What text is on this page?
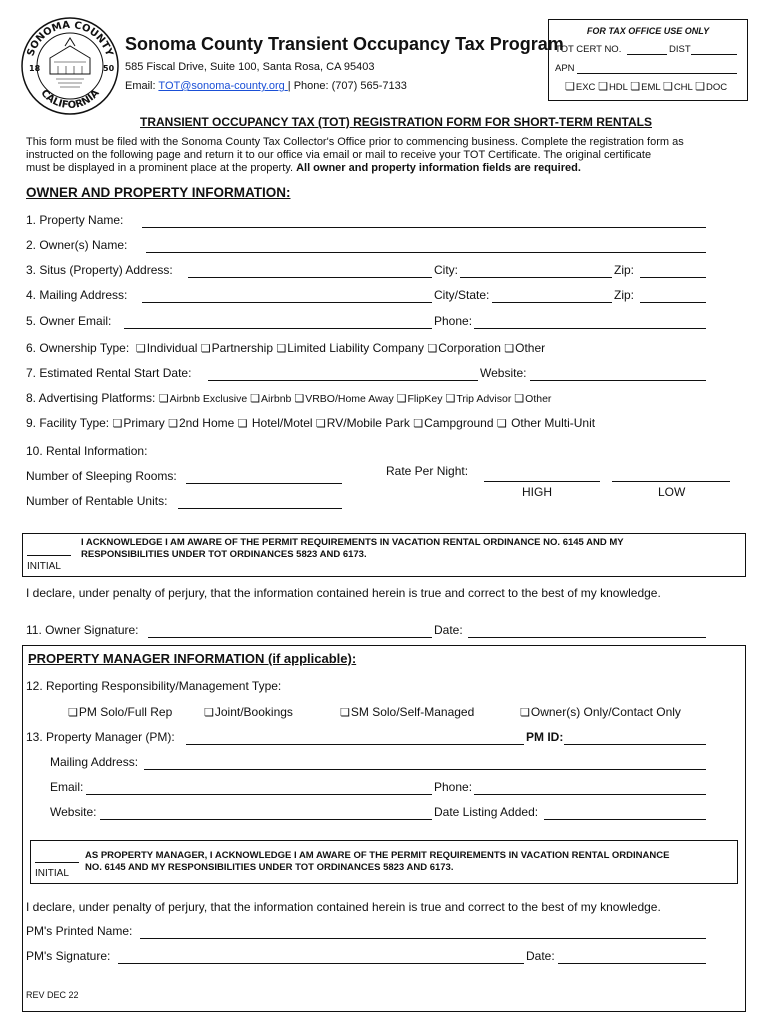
SONOMA COUNTY
CALIFORNIA
18	50
Sonoma County Transient Occupancy Tax Program
585 Fiscal Drive, Suite 100, Santa Rosa, CA 95403
Email: TOT@sonoma-county.org | Phone: (707) 565-7133
FOR TAX OFFICE USE ONLY
TOT CERT NO.	DIST
APN
❏ EXC ❏ HDL ❏ EML ❏ CHL ❏ DOC
TRANSIENT OCCUPANCY TAX (TOT) REGISTRATION FORM FOR SHORT-TERM RENTALS
This form must be filed with the Sonoma County Tax Collector's Office prior to commencing business. Complete the registration form as
instructed on the following page and return it to our office via email or mail to receive your TOT Certificate. The original certificate
must be displayed in a prominent place at the property. All owner and property information fields are required.
OWNER AND PROPERTY INFORMATION:
1. Property Name:
2. Owner(s) Name:
3. Situs (Property) Address:	City:	Zip:
4. Mailing Address:	City/State:	Zip:
5. Owner Email:	Phone:
6. Ownership Type: ❏ Individual ❏ Partnership ❏ Limited Liability Company ❏ Corporation ❏ Other
7. Estimated Rental Start Date:	Website:
8. Advertising Platforms: ❏ Airbnb Exclusive ❏ Airbnb ❏ VRBO/Home Away ❏ FlipKey ❏ Trip Advisor ❏ Other
9. Facility Type: ❏ Primary ❏ 2nd Home ❏ Hotel/Motel ❏ RV/Mobile Park ❏ Campground ❏ Other Multi-Unit
10. Rental Information:
Number of Sleeping Rooms:
Number of Rentable Units:
Rate Per Night:
HIGH	LOW
INITIAL
I ACKNOWLEDGE I AM AWARE OF THE PERMIT REQUIREMENTS IN VACATION RENTAL ORDINANCE NO. 6145 AND MY
RESPONSIBILITIES UNDER TOT ORDINANCES 5823 AND 6173.
I declare, under penalty of perjury, that the information contained herein is true and correct to the best of my knowledge.
11. Owner Signature:	Date:
PROPERTY MANAGER INFORMATION (if applicable):
12. Reporting Responsibility/Management Type:
❏ PM Solo/Full Rep	❏ Joint/Bookings	❏ SM Solo/Self-Managed	❏ Owner(s) Only/Contact Only
13. Property Manager (PM):	PM ID:
Mailing Address:
Email:	Phone:
Website:	Date Listing Added:
INITIAL
AS PROPERTY MANAGER, I ACKNOWLEDGE I AM AWARE OF THE PERMIT REQUIREMENTS IN VACATION RENTAL ORDINANCE
NO. 6145 AND MY RESPONSIBILITIES UNDER TOT ORDINANCES 5823 AND 6173.
I declare, under penalty of perjury, that the information contained herein is true and correct to the best of my knowledge.
PM's Printed Name:
PM's Signature:	Date:
REV DEC 22
